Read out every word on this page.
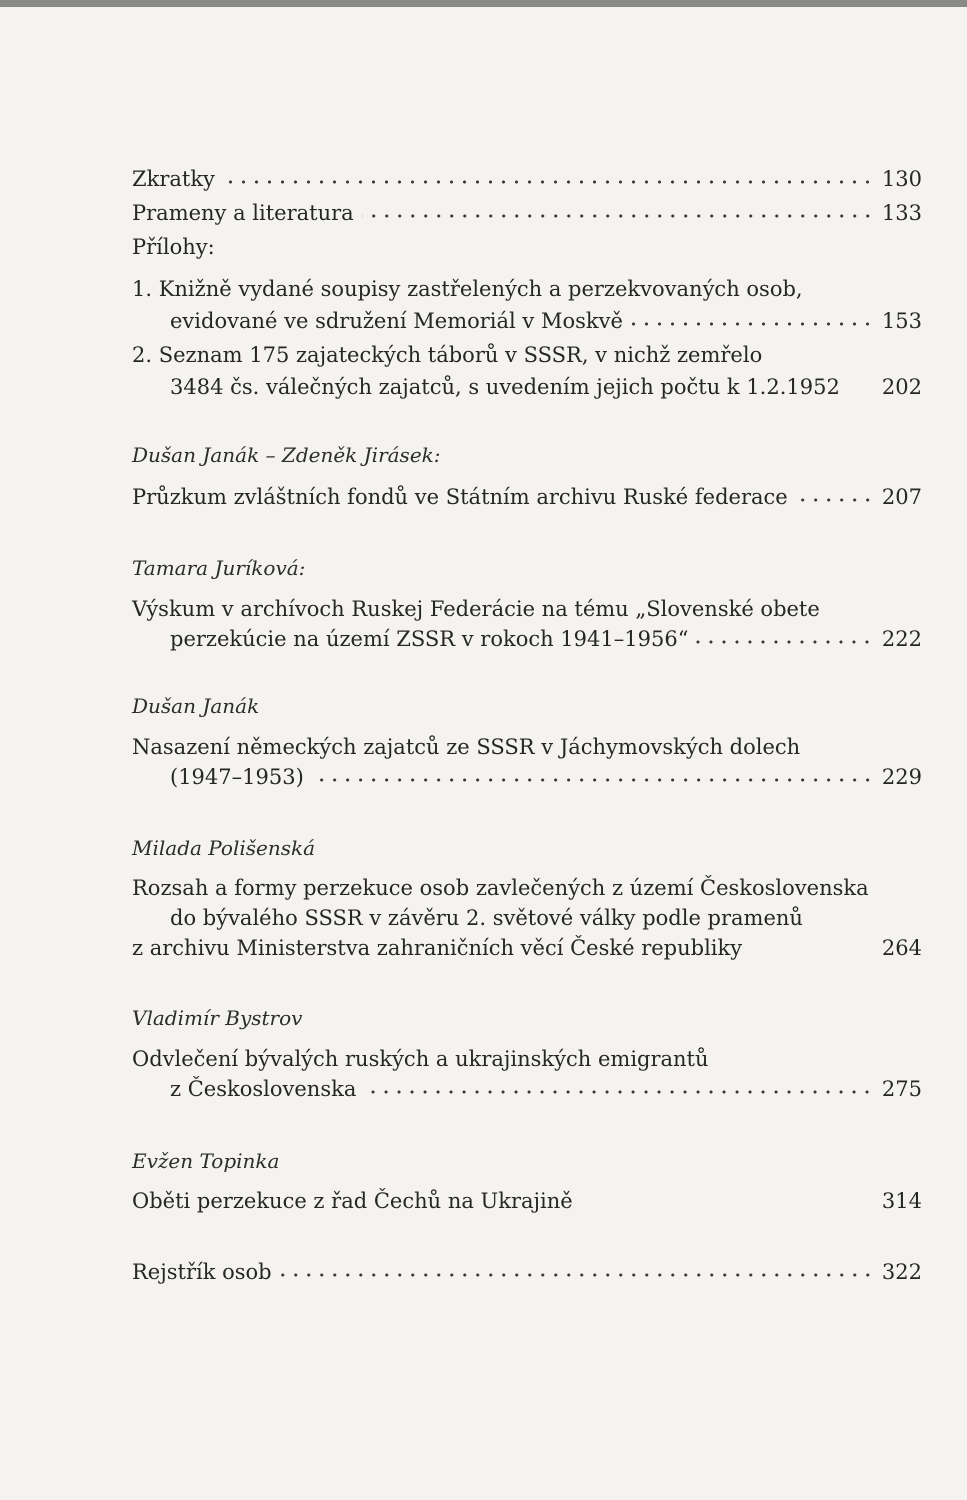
Zkratky	130
Prameny a literatura	133
Přílohy:
1. Knižně vydané soupisy zastřelených a perzekvovaných osob,
evidované ve sdružení Memoriál v Moskvě	153
2. Seznam 175 zajateckých táborů v SSSR, v nichž zemřelo
3484 čs. válečných zajatců, s uvedením jejich počtu k 1.2.1952 202
Dušan Janák – Zdeněk Jirásek:
Průzkum zvláštních fondů ve Státním archivu Ruské federace	207
Tamara Juríková:
Výskum v archívoch Ruskej Federácie na tému „Slovenské obete
perzekúcie na území ZSSR v rokoch 1941–1956“	222
Dušan Janák
Nasazení německých zajatců ze SSSR v Jáchymovských dolech
(1947–1953)	229
Milada Polišenská
Rozsah a formy perzekuce osob zavlečených z území Československa
do bývalého SSSR v závěru 2. světové války podle pramenů
z archivu Ministerstva zahraničních věcí České republiky	264
Vladimír Bystrov
Odvlečení bývalých ruských a ukrajinských emigrantů
z Československa	275
Evžen Topinka
Oběti perzekuce z řad Čechů na Ukrajině	314
Rejstřík osob	322
